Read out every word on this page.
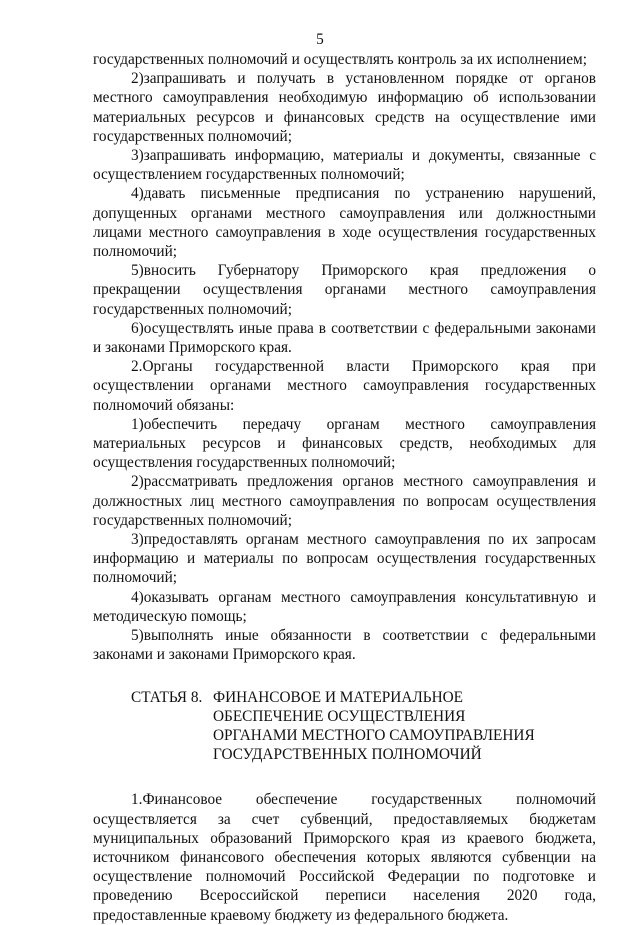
5

государственных полномочий и осуществлять контроль за их исполнением;

2)запрашивать и получать в установленном порядке от органов местного самоуправления необходимую информацию об использовании материальных ресурсов и финансовых средств на осуществление ими государственных полномочий;

3)запрашивать информацию, материалы и документы, связанные с осуществлением государственных полномочий;

4)давать письменные предписания по устранению нарушений, допущенных органами местного самоуправления или должностными лицами местного самоуправления в ходе осуществления государственных полномочий;

5)вносить Губернатору Приморского края предложения о прекращении осуществления органами местного самоуправления государственных полномочий;

6)осуществлять иные права в соответствии с федеральными законами и законами Приморского края.

2.Органы государственной власти Приморского края при осуществлении органами местного самоуправления государственных полномочий обязаны:

1)обеспечить передачу органам местного самоуправления материальных ресурсов и финансовых средств, необходимых для осуществления государственных полномочий;

2)рассматривать предложения органов местного самоуправления и должностных лиц местного самоуправления по вопросам осуществления государственных полномочий;

3)предоставлять органам местного самоуправления по их запросам информацию и материалы по вопросам осуществления государственных полномочий;

4)оказывать органам местного самоуправления консультативную и методическую помощь;

5)выполнять иные обязанности в соответствии с федеральными законами и законами Приморского края.

СТАТЬЯ 8. ФИНАНСОВОЕ И МАТЕРИАЛЬНОЕ ОБЕСПЕЧЕНИЕ ОСУЩЕСТВЛЕНИЯ ОРГАНАМИ МЕСТНОГО САМОУПРАВЛЕНИЯ ГОСУДАРСТВЕННЫХ ПОЛНОМОЧИЙ

1.Финансовое обеспечение государственных полномочий осуществляется за счет субвенций, предоставляемых бюджетам муниципальных образований Приморского края из краевого бюджета, источником финансового обеспечения которых являются субвенции на осуществление полномочий Российской Федерации по подготовке и проведению Всероссийской переписи населения 2020 года, предоставленные краевому бюджету из федерального бюджета.
